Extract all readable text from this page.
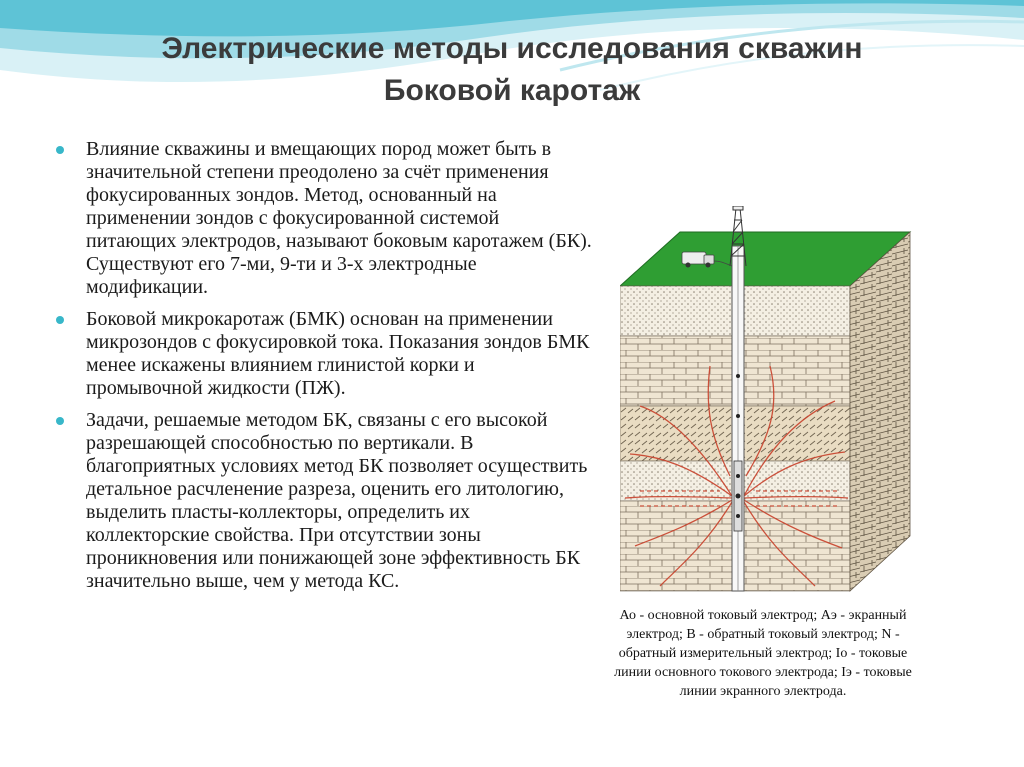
Электрические методы исследования скважин
Боковой каротаж
Влияние скважины и вмещающих пород может быть в значительной степени преодолено за счёт применения фокусированных зондов. Метод, основанный на применении зондов с фокусированной системой питающих электродов, называют боковым каротажем (БК). Существуют его 7-ми, 9-ти и 3-х электродные модификации.
Боковой микрокаротаж (БМК) основан на применении микрозондов с фокусировкой тока. Показания зондов БМК менее искажены влиянием глинистой корки и промывочной жидкости (ПЖ).
Задачи, решаемые методом БК, связаны с его высокой разрешающей способностью по вертикали. В благоприятных условиях метод БК позволяет осуществить детальное расчленение разреза, оценить его литологию, выделить пласты-коллекторы, определить их коллекторские свойства. При отсутствии зоны проникновения или понижающей зоне эффективность БК значительно выше, чем у метода КС.
Ао - основной токовый электрод; Аэ - экранный электрод; В - обратный токовый электрод; N - обратный измерительный электрод; Iо - токовые линии основного токового электрода; Iэ - токовые линии экранного электрода.
